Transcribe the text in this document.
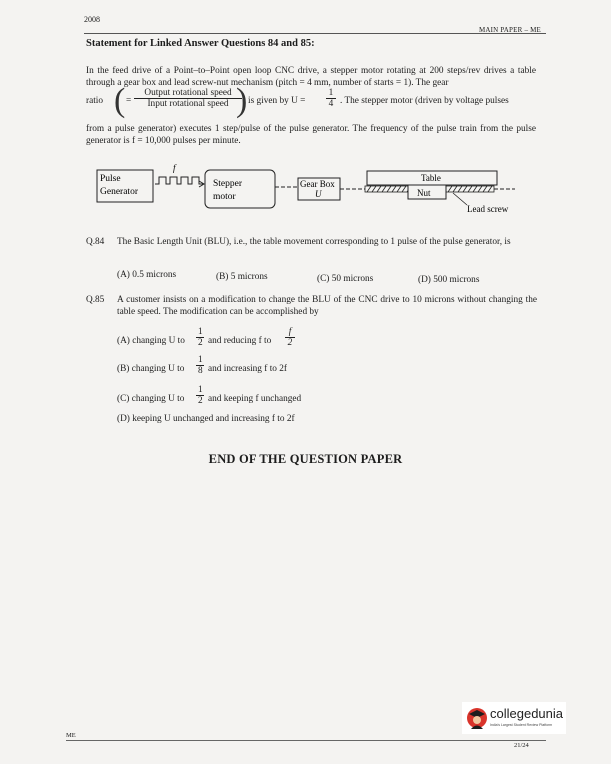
2008
MAIN PAPER – ME
Statement for Linked Answer Questions 84 and 85:
In the feed drive of a Point–to–Point open loop CNC drive, a stepper motor rotating at 200 steps/rev drives a table through a gear box and lead screw-nut mechanism (pitch = 4 mm, number of starts = 1). The gear
ratio ( =
Output rotational speed
Input rotational speed ) is given by $U = \frac{1}{4}$ . The stepper motor (driven by voltage pulses
from a pulse generator) executes 1 step/pulse of the pulse generator. The frequency of the pulse train from the pulse generator is f = 10,000 pulses per minute.
Pulse
Generator
f
Stepper
motor
Gear Box
U
Table
Nut
Lead screw
Q.84 The Basic Length Unit (BLU), i.e., the table movement corresponding to 1 pulse of the pulse generator, is
(A) 0.5 microns	(B) 5 microns	(C) 50 microns	(D) 500 microns
Q.85 A customer insists on a modification to change the BLU of the CNC drive to 10 microns without changing the table speed. The modification can be accomplished by
(A) changing U to $\frac{1}{2}$ and reducing f to $\frac{f}{2}$
(B) changing U to $\frac{1}{8}$ and increasing f to 2f
(C) changing U to $\frac{1}{2}$ and keeping f unchanged
(D) keeping U unchanged and increasing f to 2f
END OF THE QUESTION PAPER
collegedunia
India's Largest Student Review Platform
ME
21/24
